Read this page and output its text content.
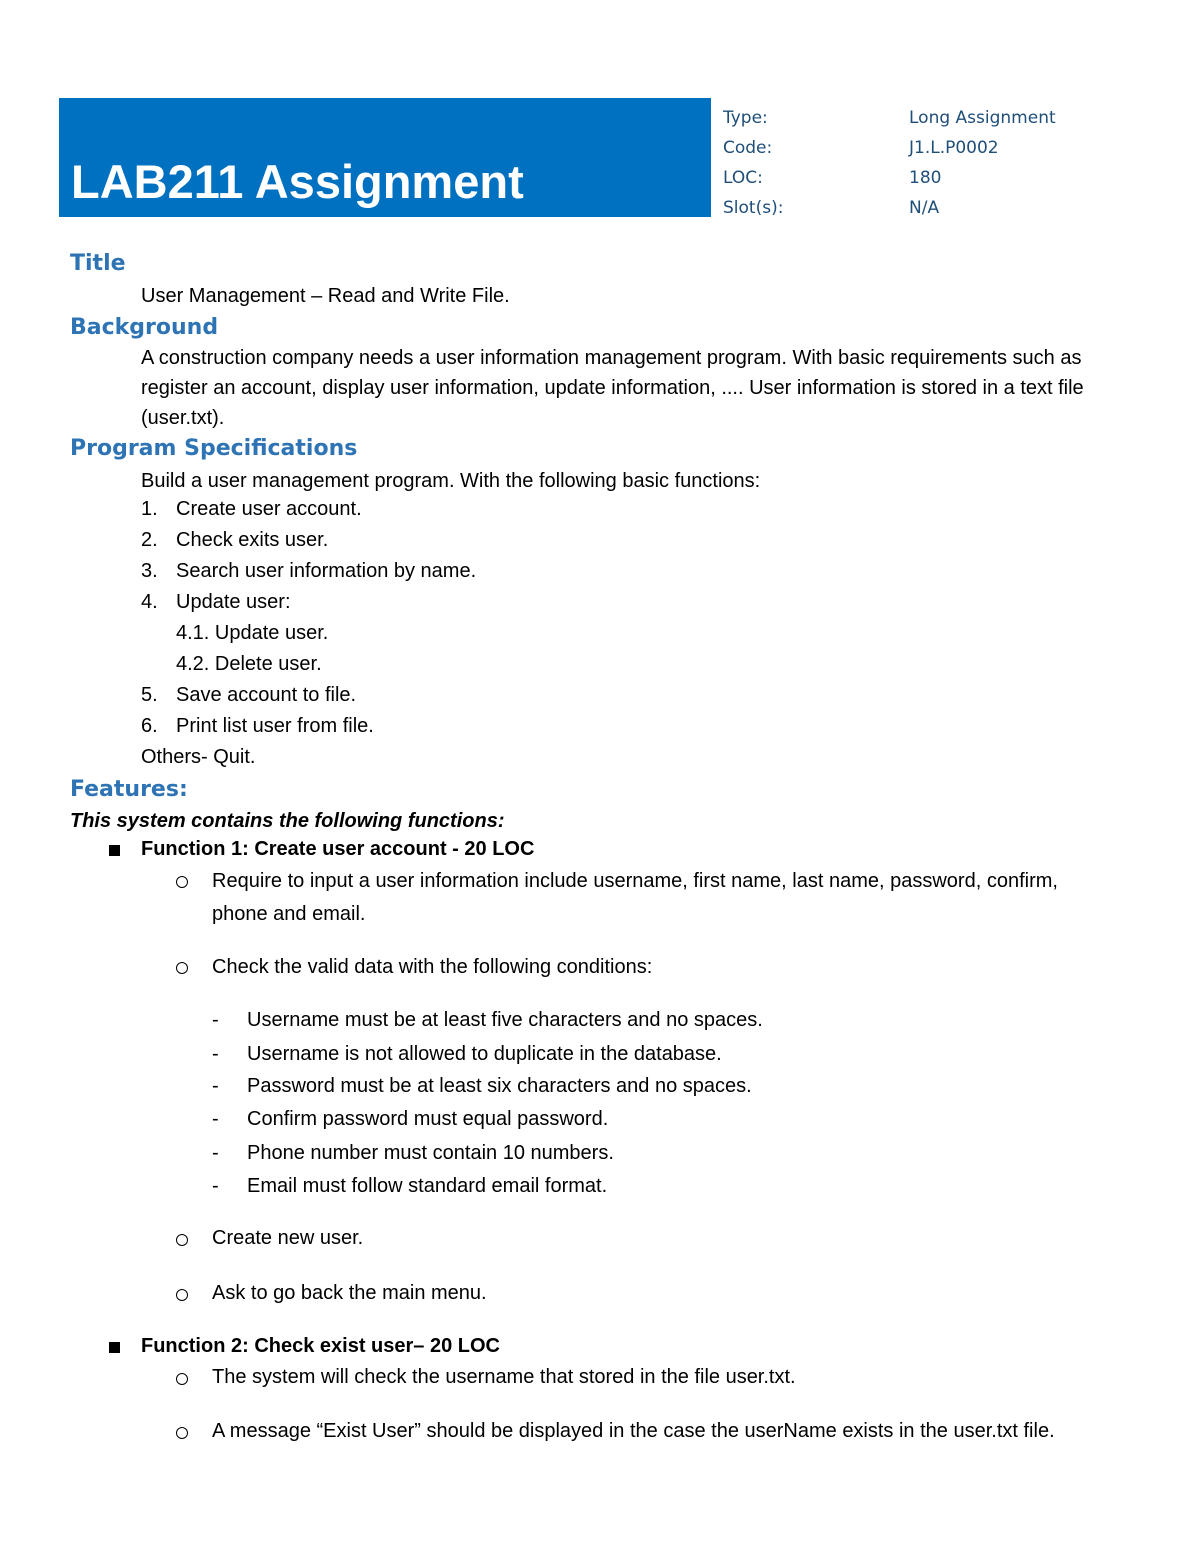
LAB211 Assignment
Type:	Long Assignment
Code:	J1.L.P0002
LOC:	180
Slot(s):	N/A
Title
User Management – Read and Write File.
Background
A construction company needs a user information management program. With basic requirements such as register an account, display user information, update information, .... User information is stored in a text file (user.txt).
Program Specifications
Build a user management program. With the following basic functions:
1. Create user account.
2. Check exits user.
3. Search user information by name.
4. Update user:
4.1. Update user.
4.2. Delete user.
5. Save account to file.
6. Print list user from file.
Others- Quit.
Features:
This system contains the following functions:
Function 1: Create user account - 20 LOC
Require to input a user information include username, first name, last name, password, confirm,
phone and email.
Check the valid data with the following conditions:
- Username must be at least five characters and no spaces.
- Username is not allowed to duplicate in the database.
- Password must be at least six characters and no spaces.
- Confirm password must equal password.
- Phone number must contain 10 numbers.
- Email must follow standard email format.
Create new user.
Ask to go back the main menu.
Function 2: Check exist user– 20 LOC
The system will check the username that stored in the file user.txt.
A message “Exist User” should be displayed in the case the userName exists in the user.txt file.
